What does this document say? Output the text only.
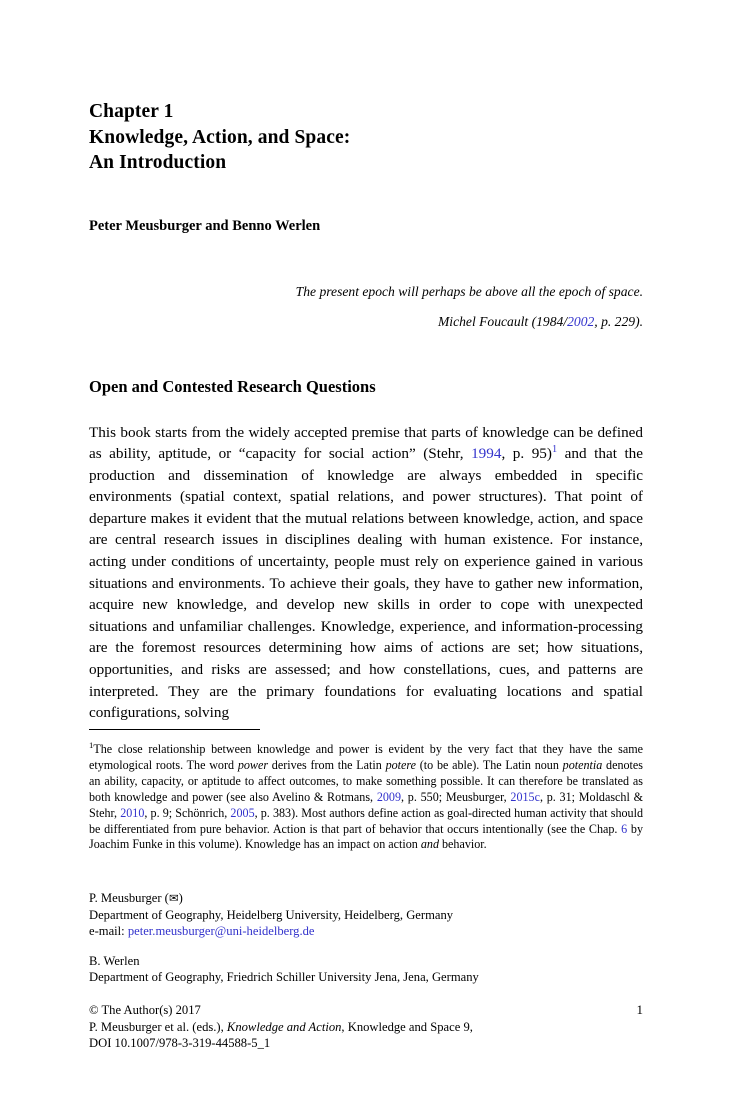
Chapter 1
Knowledge, Action, and Space:
An Introduction
Peter Meusburger and Benno Werlen
The present epoch will perhaps be above all the epoch of space.
Michel Foucault (1984/2002, p. 229).
Open and Contested Research Questions

This book starts from the widely accepted premise that parts of knowledge can be defined as ability, aptitude, or “capacity for social action” (Stehr, 1994, p. 95)$^1$ and that the production and dissemination of knowledge are always embedded in specific environments (spatial context, spatial relations, and power structures). That point of departure makes it evident that the mutual relations between knowledge, action, and space are central research issues in disciplines dealing with human existence. For instance, acting under conditions of uncertainty, people must rely on experience gained in various situations and environments. To achieve their goals, they have to gather new information, acquire new knowledge, and develop new skills in order to cope with unexpected situations and unfamiliar challenges. Knowledge, experience, and information-processing are the foremost resources determining how aims of actions are set; how situations, opportunities, and risks are assessed; and how constellations, cues, and patterns are interpreted. They are the primary foundations for evaluating locations and spatial configurations, solving

$^1$The close relationship between knowledge and power is evident by the very fact that they have the same etymological roots. The word power derives from the Latin potere (to be able). The Latin noun potentia denotes an ability, capacity, or aptitude to affect outcomes, to make something possible. It can therefore be translated as both knowledge and power (see also Avelino & Rotmans, 2009, p. 550; Meusburger, 2015c, p. 31; Moldaschl & Stehr, 2010, p. 9; Schönrich, 2005, p. 383). Most authors define action as goal-directed human activity that should be differentiated from pure behavior. Action is that part of behavior that occurs intentionally (see the Chap. 6 by Joachim Funke in this volume). Knowledge has an impact on action and behavior.
P. Meusburger (✉)
Department of Geography, Heidelberg University, Heidelberg, Germany
e-mail: peter.meusburger@uni-heidelberg.de
B. Werlen
Department of Geography, Friedrich Schiller University Jena, Jena, Germany
© The Author(s) 2017	1
P. Meusburger et al. (eds.), Knowledge and Action, Knowledge and Space 9,
DOI 10.1007/978-3-319-44588-5_1
